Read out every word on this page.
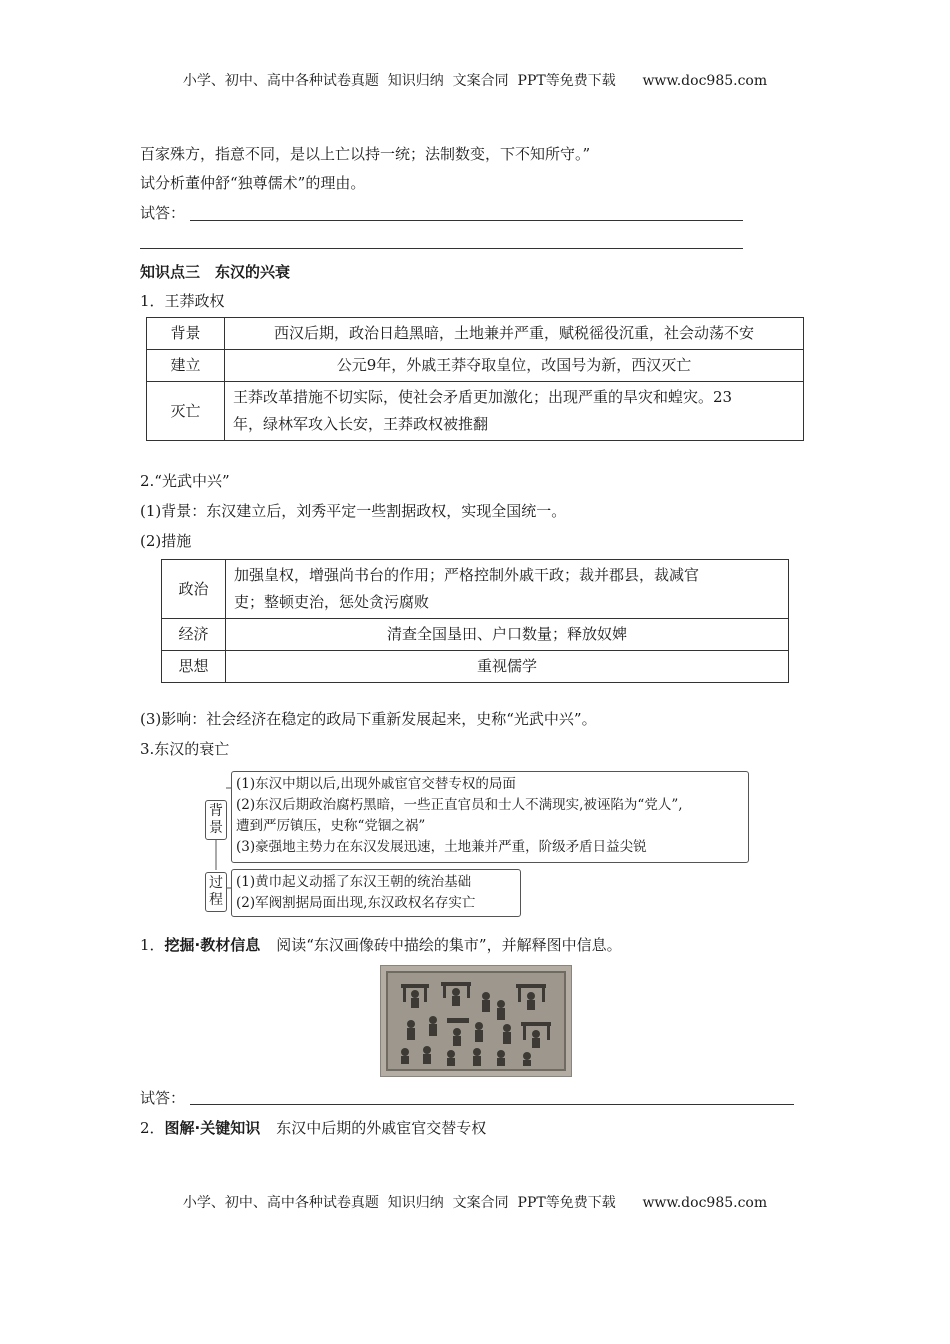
小学、初中、高中各种试卷真题  知识归纳  文案合同  PPT等免费下载      www.doc985.com
百家殊方，指意不同，是以上亡以持一统；法制数变，下不知所守。”
试分析董仲舒“独尊儒术”的理由。
试答：
知识点三　东汉的兴衰
1．王莽政权
背景	西汉后期，政治日趋黑暗，土地兼并严重，赋税徭役沉重，社会动荡不安
建立	公元9年，外戚王莽夺取皇位，改国号为新，西汉灭亡
灭亡	王莽改革措施不切实际，使社会矛盾更加激化；出现严重的旱灾和蝗灾。23
年，绿林军攻入长安，王莽政权被推翻
2.“光武中兴”
(1)背景：东汉建立后，刘秀平定一些割据政权，实现全国统一。
(2)措施
政治	加强皇权，增强尚书台的作用；严格控制外戚干政；裁并郡县，裁减官
吏；整顿吏治，惩处贪污腐败

经济	清查全国垦田、户口数量；释放奴婢
思想	重视儒学
(3)影响：社会经济在稳定的政局下重新发展起来，史称“光武中兴”。
3.东汉的衰亡
背
景
(1)东汉中期以后,出现外戚宦官交替专权的局面
(2)东汉后期政治腐朽黑暗，一些正直官员和士人不满现实,被诬陷为“党人”,
遭到严厉镇压，史称“党锢之祸”
(3)豪强地主势力在东汉发展迅速，土地兼并严重，阶级矛盾日益尖锐
过
程
(1)黄巾起义动摇了东汉王朝的统治基础
(2)军阀割据局面出现,东汉政权名存实亡
1．挖掘·教材信息 阅读“东汉画像砖中描绘的集市”，并解释图中信息。
试答：
2．图解·关键知识 东汉中后期的外戚宦官交替专权
小学、初中、高中各种试卷真题  知识归纳  文案合同  PPT等免费下载      www.doc985.com
